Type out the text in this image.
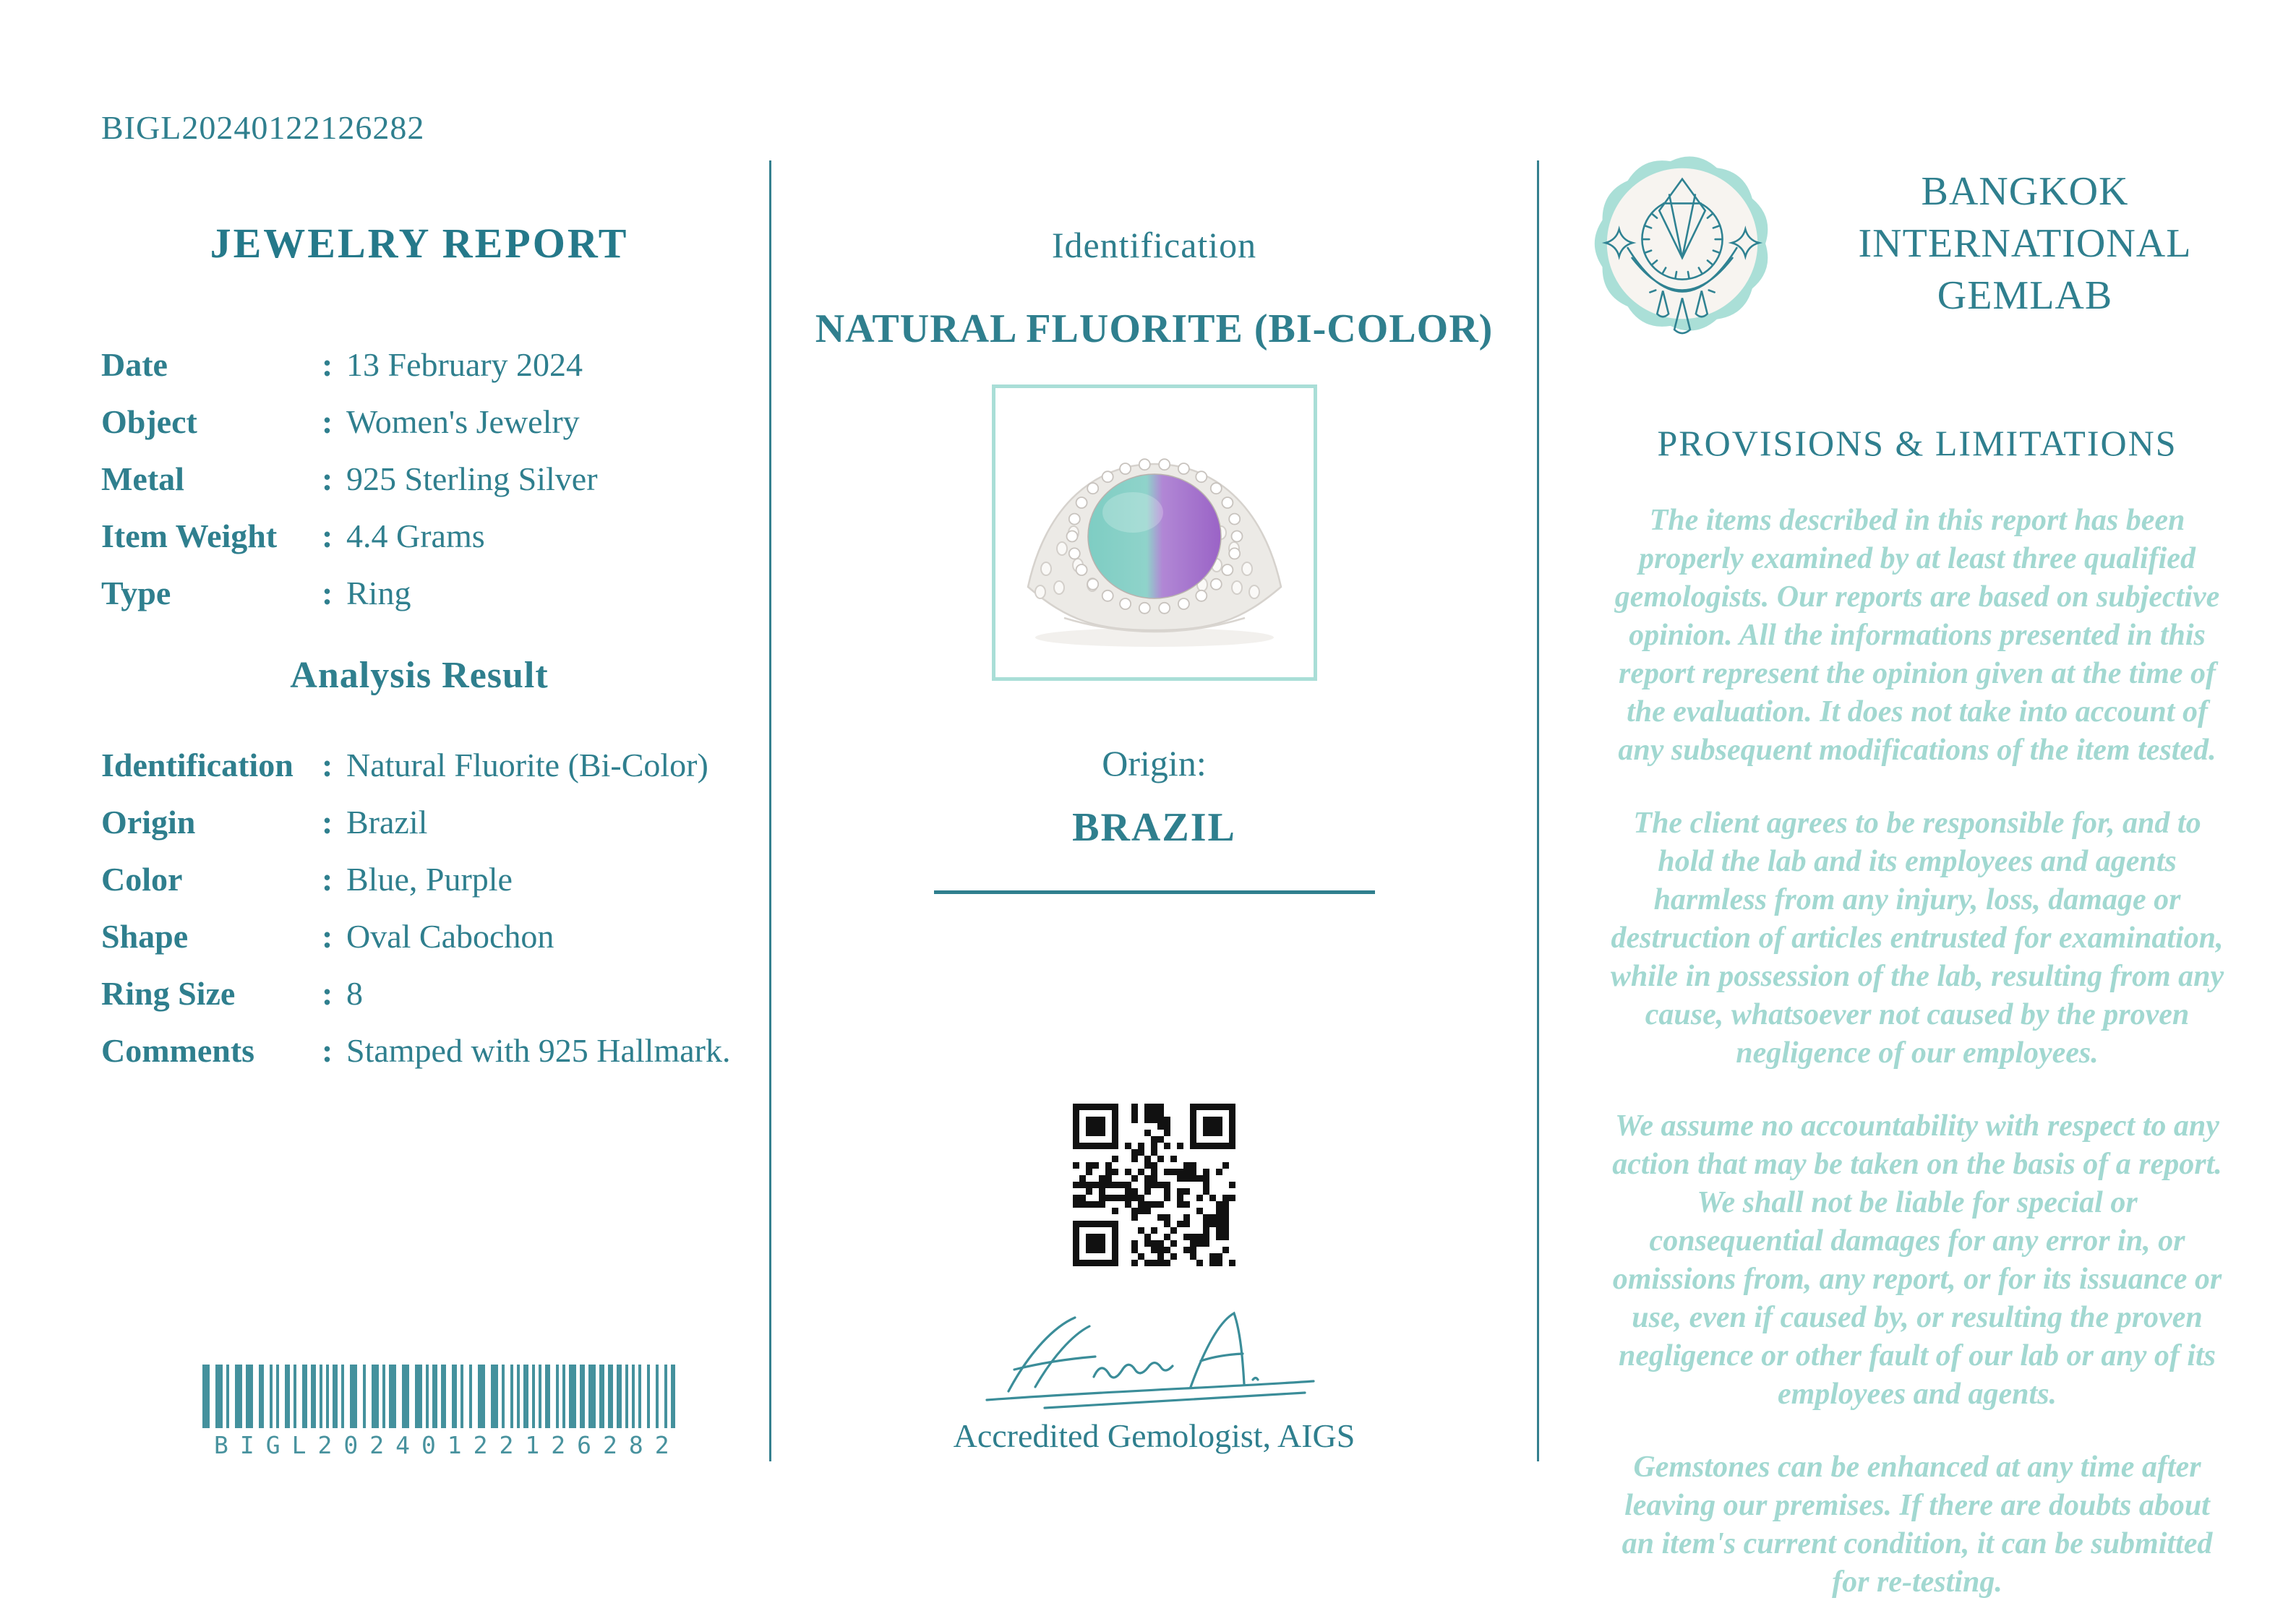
BIGL20240122126282
JEWELRY REPORT
Date	: 13 February 2024
Object	: Women's Jewelry
Metal	: 925 Sterling Silver
Item Weight	: 4.4 Grams
Type	: Ring
Analysis Result
Identification : Natural Fluorite (Bi-Color)
Origin	: Brazil
Color	: Blue, Purple
Shape	: Oval Cabochon
Ring Size	: 8
Comments	: Stamped with 925 Hallmark.
BIGL20240122126282
Identification
NATURAL FLUORITE (BI-COLOR)
Origin:
BRAZIL
Accredited Gemologist, AIGS
BANGKOK
INTERNATIONAL
GEMLAB
PROVISIONS & LIMITATIONS

The items described in this report has been properly examined by at least three qualified gemologists. Our reports are based on subjective opinion. All the informations presented in this report represent the opinion given at the time of the evaluation. It does not take into account of any subsequent modifications of the item tested.

The client agrees to be responsible for, and to hold the lab and its employees and agents harmless from any injury, loss, damage or destruction of articles entrusted for examination, while in possession of the lab, resulting from any cause, whatsoever not caused by the proven negligence of our employees.

We assume no accountability with respect to any action that may be taken on the basis of a report. We shall not be liable for special or consequential damages for any error in, or omissions from, any report, or for its issuance or use, even if caused by, or resulting the proven negligence or other fault of our lab or any of its employees and agents.

Gemstones can be enhanced at any time after leaving our premises. If there are doubts about an item's current condition, it can be submitted for re-testing.
